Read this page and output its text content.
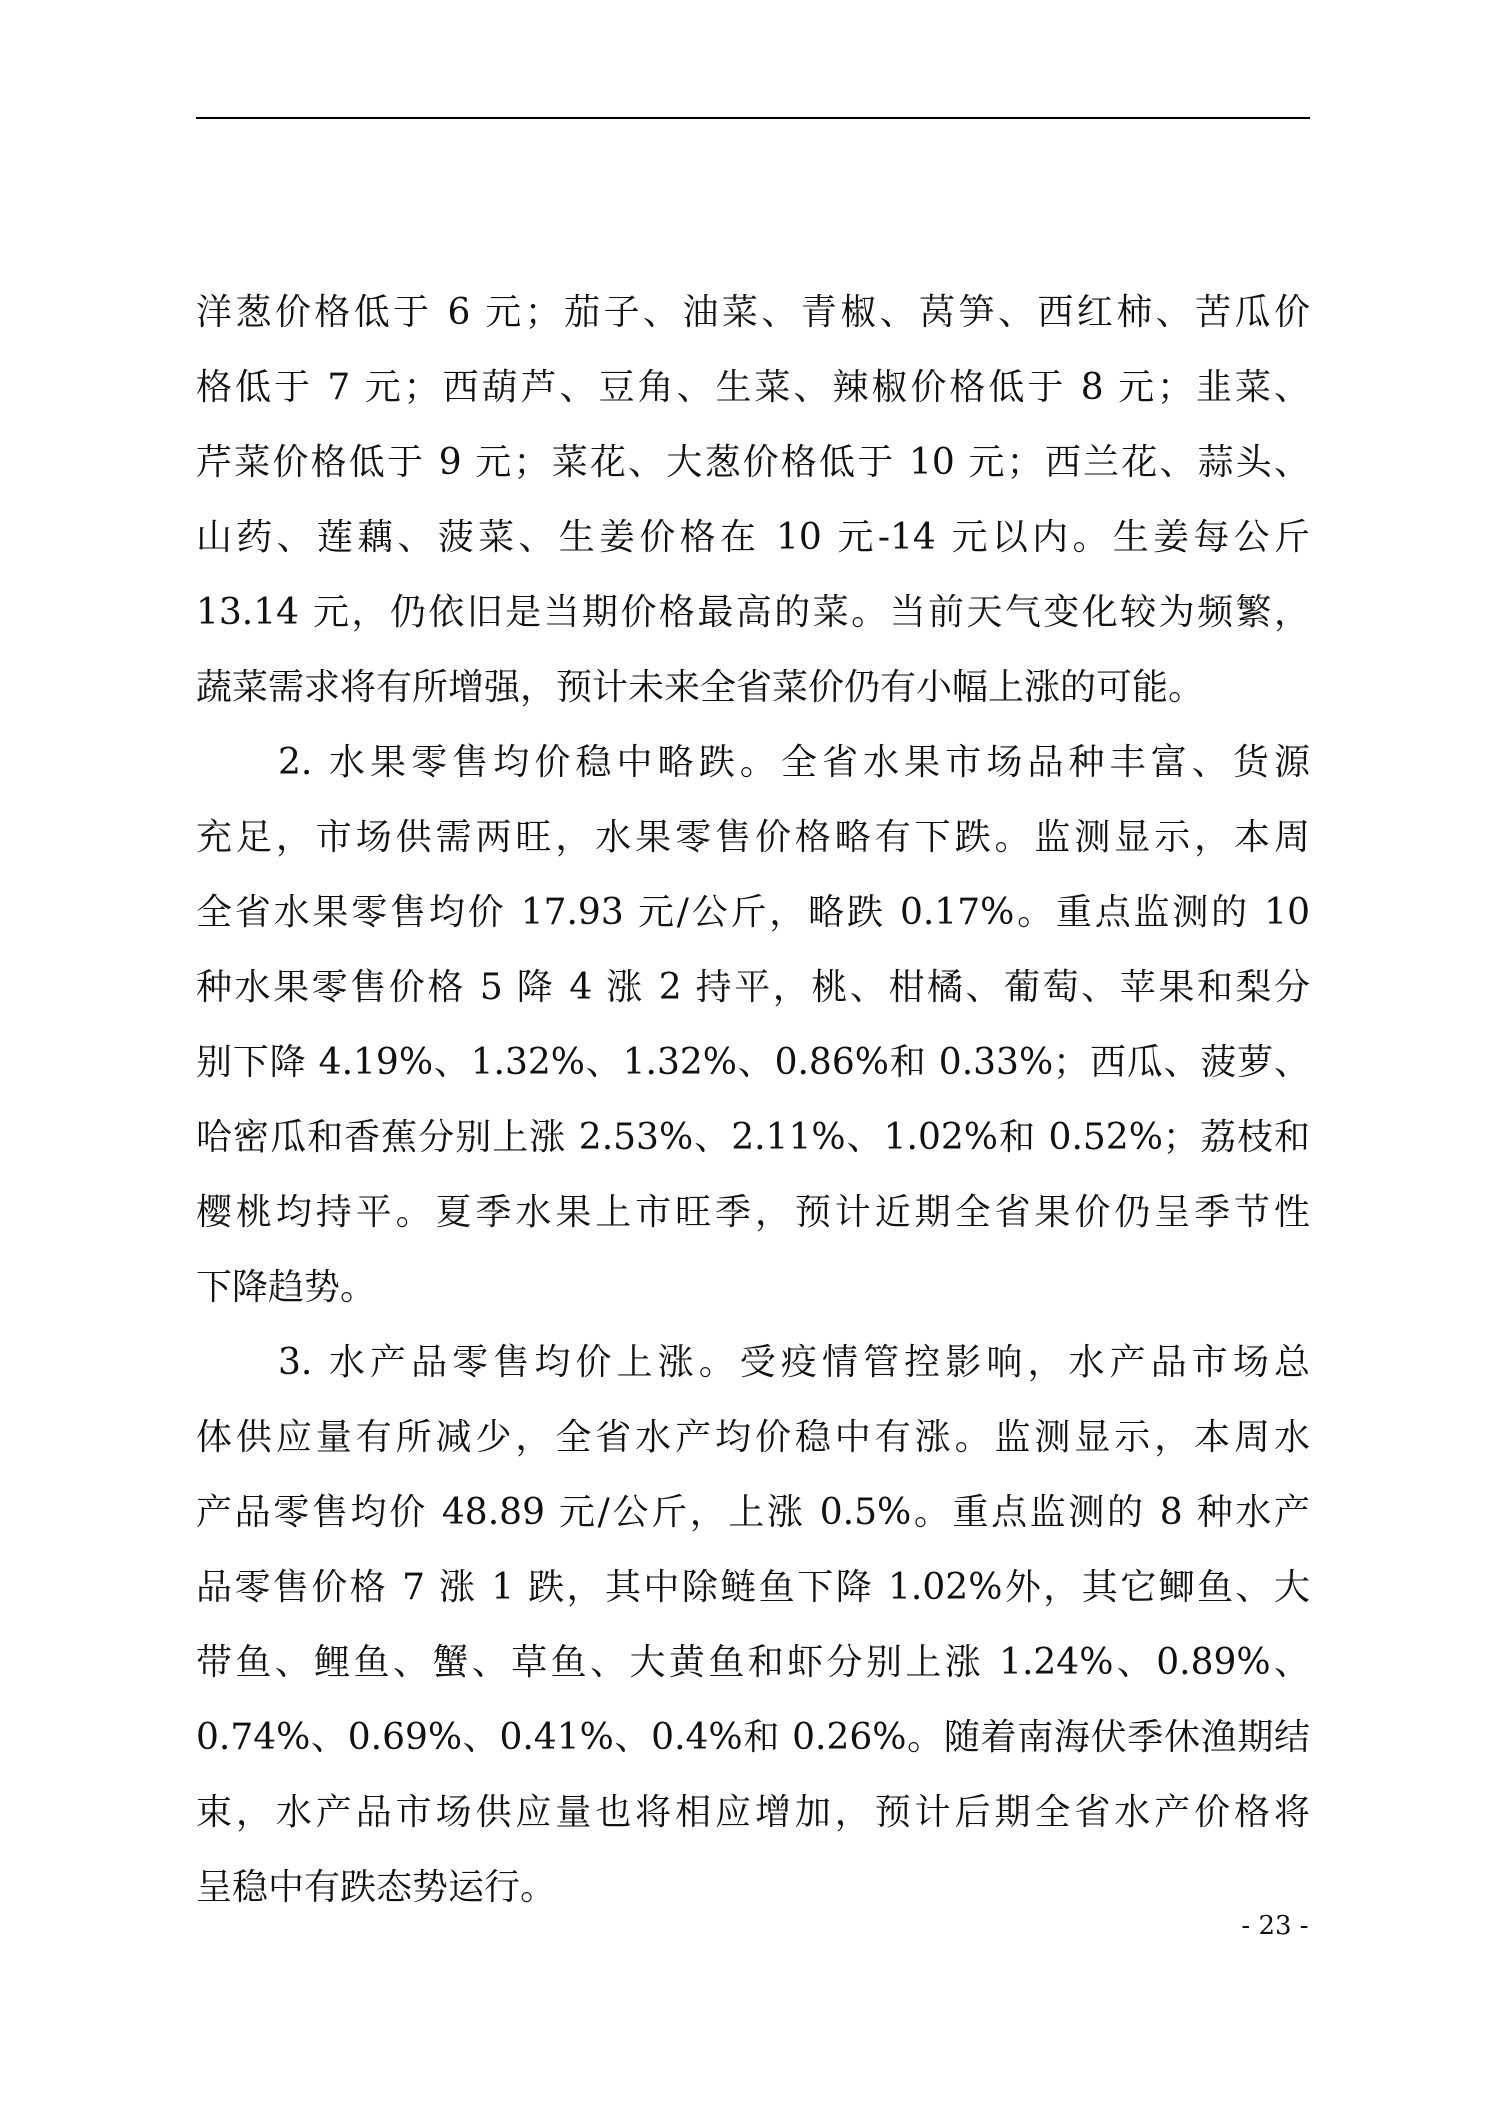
洋葱价格低于 6 元；茄子、油菜、青椒、莴笋、西红柿、苦瓜价
格低于 7 元；西葫芦、豆角、生菜、辣椒价格低于 8 元；韭菜、
芹菜价格低于 9 元；菜花、大葱价格低于 10 元；西兰花、蒜头、
山药、莲藕、菠菜、生姜价格在 10 元-14 元以内。生姜每公斤
13.14 元，仍依旧是当期价格最高的菜。当前天气变化较为频繁，
蔬菜需求将有所增强，预计未来全省菜价仍有小幅上涨的可能。
2. 水果零售均价稳中略跌。全省水果市场品种丰富、货源
充足，市场供需两旺，水果零售价格略有下跌。监测显示，本周
全省水果零售均价 17.93 元/公斤，略跌 0.17%。重点监测的 10
种水果零售价格 5 降 4 涨 2 持平，桃、柑橘、葡萄、苹果和梨分
别下降 4.19%、1.32%、1.32%、0.86%和 0.33%；西瓜、菠萝、
哈密瓜和香蕉分别上涨 2.53%、2.11%、1.02%和 0.52%；荔枝和
樱桃均持平。夏季水果上市旺季，预计近期全省果价仍呈季节性
下降趋势。
3. 水产品零售均价上涨。受疫情管控影响，水产品市场总
体供应量有所减少，全省水产均价稳中有涨。监测显示，本周水
产品零售均价 48.89 元/公斤，上涨 0.5%。重点监测的 8 种水产
品零售价格 7 涨 1 跌，其中除鲢鱼下降 1.02%外，其它鲫鱼、大
带鱼、鲤鱼、蟹、草鱼、大黄鱼和虾分别上涨 1.24%、0.89%、
0.74%、0.69%、0.41%、0.4%和 0.26%。随着南海伏季休渔期结
束，水产品市场供应量也将相应增加，预计后期全省水产价格将
呈稳中有跌态势运行。
- 23 -
